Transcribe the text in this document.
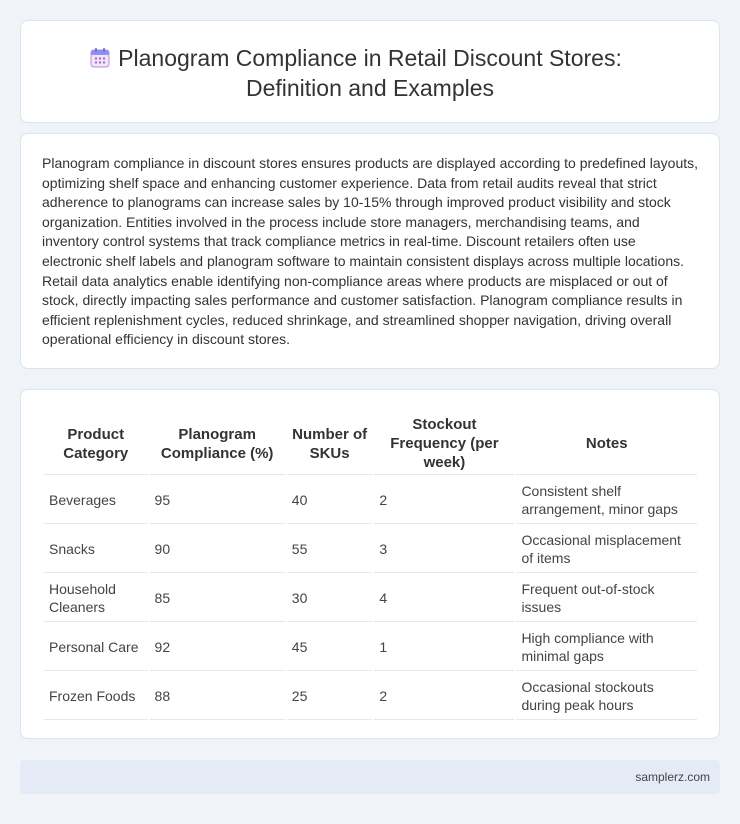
Planogram Compliance in Retail Discount Stores:
Definition and Examples

Planogram compliance in discount stores ensures products are displayed according to predefined layouts, optimizing shelf space and enhancing customer experience. Data from retail audits reveal that strict adherence to planograms can increase sales by 10-15% through improved product visibility and stock organization. Entities involved in the process include store managers, merchandising teams, and inventory control systems that track compliance metrics in real-time. Discount retailers often use electronic shelf labels and planogram software to maintain consistent displays across multiple locations. Retail data analytics enable identifying non-compliance areas where products are misplaced or out of stock, directly impacting sales performance and customer satisfaction. Planogram compliance results in efficient replenishment cycles, reduced shrinkage, and streamlined shopper navigation, driving overall operational efficiency in discount stores.

Product Category	Planogram Compliance (%)	Number of SKUs	Stockout Frequency (per week)	Notes
Beverages	95	40	2	Consistent shelf arrangement, minor gaps
Snacks	90	55	3	Occasional misplacement of items
Household Cleaners	85	30	4	Frequent out-of-stock issues
Personal Care	92	45	1	High compliance with minimal gaps
Frozen Foods	88	25	2	Occasional stockouts during peak hours
samplerz.com
